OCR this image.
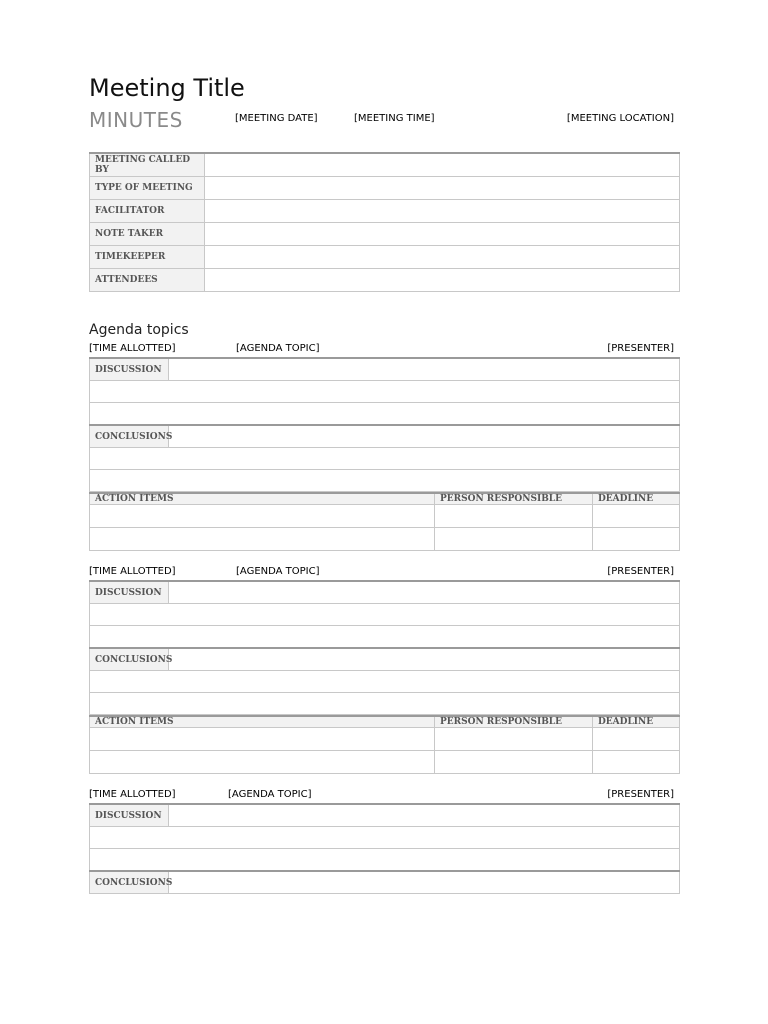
Meeting Title
MINUTES	[MEETING DATE]	[MEETING TIME]	[MEETING LOCATION]
MEETING CALLED BY	
TYPE OF MEETING	
FACILITATOR	
NOTE TAKER	
TIMEKEEPER	
ATTENDEES	
Agenda topics
[TIME ALLOTTED]	[AGENDA TOPIC]	[PRESENTER]
DISCUSSION	

CONCLUSIONS	

ACTION ITEMS	PERSON RESPONSIBLE	DEADLINE

[TIME ALLOTTED]	[AGENDA TOPIC]	[PRESENTER]
DISCUSSION	

CONCLUSIONS	

ACTION ITEMS	PERSON RESPONSIBLE	DEADLINE

[TIME ALLOTTED]	[AGENDA TOPIC]	[PRESENTER]
DISCUSSION	

CONCLUSIONS	
